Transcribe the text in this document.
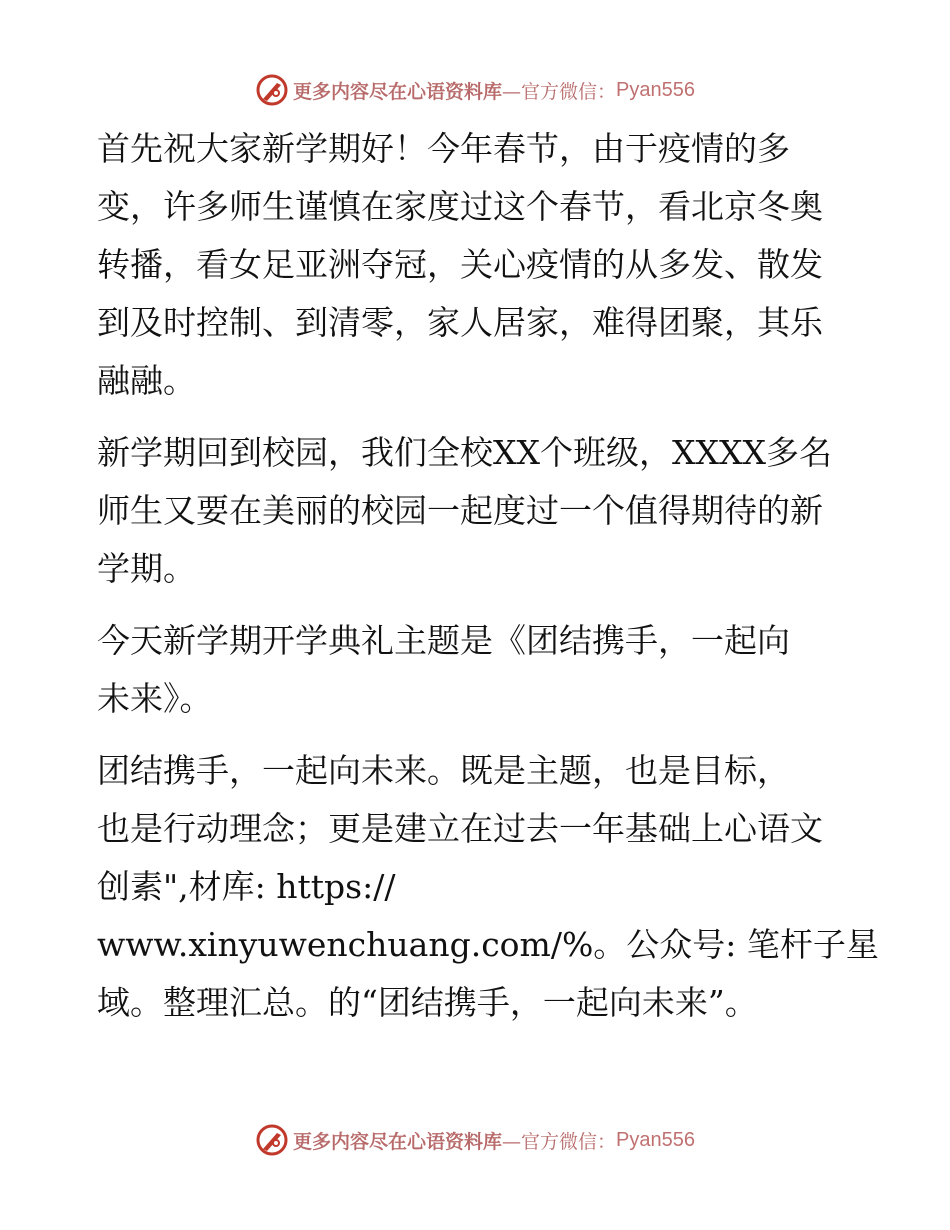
更多内容尽在心语资料库 —官方微信： Pyan556

首先祝大家新学期好！今年春节，由于疫情的多
变，许多师生谨慎在家度过这个春节，看北京冬奥
转播，看女足亚洲夺冠，关心疫情的从多发、散发
到及时控制、到清零，家人居家，难得团聚，其乐
融融。

新学期回到校园，我们全校XX个班级，XXXX多名
师生又要在美丽的校园一起度过一个值得期待的新
学期。

今天新学期开学典礼主题是《团结携手，一起向
未来》。

团结携手，一起向未来。既是主题，也是目标，
也是行动理念；更是建立在过去一年基础上心语文
创素",材库: https://
www.xinyuwenchuang.com/%。公众号: 笔杆子星
域。整理汇总。的“团结携手，一起向未来”。

更多内容尽在心语资料库 —官方微信： Pyan556
